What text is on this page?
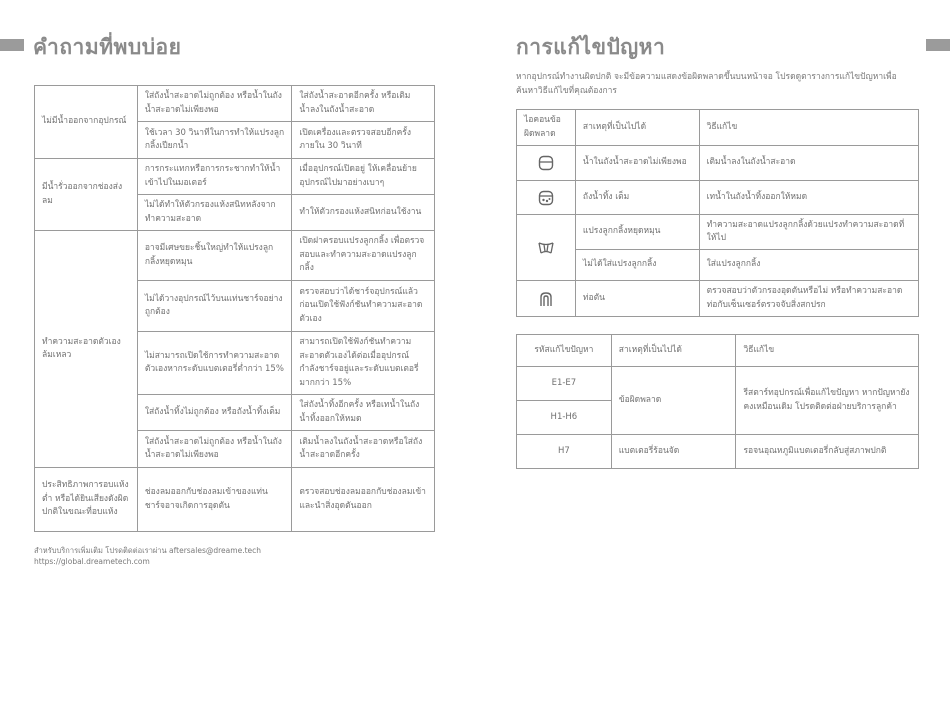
คำถามที่พบบ่อย	การแก้ไขปัญหา
หากอุปกรณ์ทำงานผิดปกติ จะมีข้อความแสดงข้อผิดพลาดขึ้นบนหน้าจอ โปรดดูตารางการแก้ไขปัญหาเพื่อค้นหาวิธีแก้ไขที่คุณต้องการ
ไม่มีน้ำออกจากอุปกรณ์	ใส่ถังน้ำสะอาดไม่ถูกต้อง หรือน้ำในถังน้ำสะอาดไม่เพียงพอ	ใส่ถังน้ำสะอาดอีกครั้ง หรือเติมน้ำลงในถังน้ำสะอาด
	ใช้เวลา 30 วินาทีในการทำให้แปรงลูกกลิ้งเปียกน้ำ	เปิดเครื่องและตรวจสอบอีกครั้งภายใน 30 วินาที
มีน้ำรั่วออกจากช่องส่งลม	การกระแทกหรือการกระชากทำให้น้ำเข้าไปในมอเตอร์	เมื่ออุปกรณ์เปิดอยู่ ให้เคลื่อนย้ายอุปกรณ์ไปมาอย่างเบาๆ
	ไม่ได้ทำให้ตัวกรองแห้งสนิทหลังจากทำความสะอาด	ทำให้ตัวกรองแห้งสนิทก่อนใช้งาน
ทำความสะอาดตัวเองล้มเหลว	อาจมีเศษขยะชิ้นใหญ่ทำให้แปรงลูกกลิ้งหยุดหมุน	เปิดฝาครอบแปรงลูกกลิ้ง เพื่อตรวจสอบและทำความสะอาดแปรงลูกกลิ้ง
	ไม่ได้วางอุปกรณ์ไว้บนแท่นชาร์จอย่างถูกต้อง	ตรวจสอบว่าได้ชาร์จอุปกรณ์แล้วก่อนเปิดใช้ฟังก์ชันทำความสะอาดตัวเอง
	ไม่สามารถเปิดใช้การทำความสะอาดตัวเองหากระดับแบตเตอรี่ต่ำกว่า 15%	สามารถเปิดใช้ฟังก์ชันทำความสะอาดตัวเองได้ต่อเมื่ออุปกรณ์กำลังชาร์จอยู่และระดับแบตเตอรี่มากกว่า 15%
	ใส่ถังน้ำทิ้งไม่ถูกต้อง หรือถังน้ำทิ้งเต็ม	ใส่ถังน้ำทิ้งอีกครั้ง หรือเทน้ำในถังน้ำทิ้งออกให้หมด
	ใส่ถังน้ำสะอาดไม่ถูกต้อง หรือน้ำในถังน้ำสะอาดไม่เพียงพอ	เติมน้ำลงในถังน้ำสะอาดหรือใส่ถังน้ำสะอาดอีกครั้ง
ประสิทธิภาพการอบแห้งต่ำ หรือได้ยินเสียงดังผิดปกติในขณะที่อบแห้ง	ช่องลมออกกับช่องลมเข้าของแท่นชาร์จอาจเกิดการอุดตัน	ตรวจสอบช่องลมออกกับช่องลมเข้า และนำสิ่งอุดตันออก
สำหรับบริการเพิ่มเติม โปรดติดต่อเราผ่าน aftersales@dreame.tech
https://global.dreametech.com
ไอคอนข้อผิดพลาด	สาเหตุที่เป็นไปได้	วิธีแก้ไข

	น้ำในถังน้ำสะอาดไม่เพียงพอ	เติมน้ำลงในถังน้ำสะอาด

	ถังน้ำทิ้ง เต็ม	เทน้ำในถังน้ำทิ้งออกให้หมด

	แปรงลูกกลิ้งหยุดหมุน	ทำความสะอาดแปรงลูกกลิ้งด้วยแปรงทำความสะอาดที่ให้ไป
	ไม่ได้ใส่แปรงลูกกลิ้ง	ใส่แปรงลูกกลิ้ง

	ท่อตัน	ตรวจสอบว่าตัวกรองอุดตันหรือไม่ หรือทำความสะอาดท่อกับเซ็นเซอร์ตรวจจับสิ่งสกปรก
รหัสแก้ไขปัญหา	สาเหตุที่เป็นไปได้	วิธีแก้ไข
E1-E7	ข้อผิดพลาด	รีสตาร์ทอุปกรณ์เพื่อแก้ไขปัญหา หากปัญหายังคงเหมือนเดิม โปรดติดต่อฝ่ายบริการลูกค้า
H1-H6		
H7	แบตเตอรี่ร้อนจัด	รอจนอุณหภูมิแบตเตอรี่กลับสู่สภาพปกติ
